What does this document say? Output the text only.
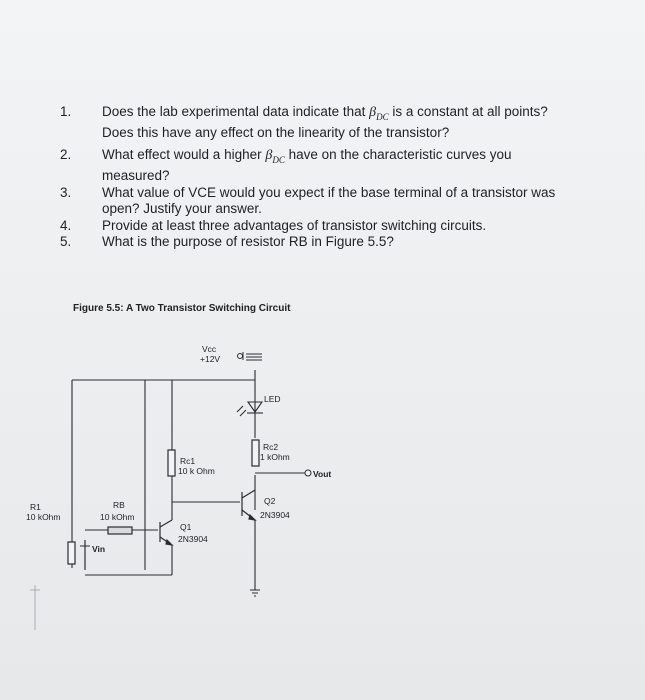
1.	Does the lab experimental data indicate that $\beta_{DC}$ is a constant at all points? Does this have any effect on the linearity of the transistor?
2.	What effect would a higher $\beta_{DC}$ have on the characteristic curves you measured?
3.	What value of VCE would you expect if the base terminal of a transistor was open? Justify your answer.
4.	Provide at least three advantages of transistor switching circuits.
5.	What is the purpose of resistor RB in Figure 5.5?
Figure 5.5: A Two Transistor Switching Circuit
Vcc
+12V
LED
Rc1
10 k Ohm
Rc2
1 kOhm
Vout
Q2
2N3904
Q1
2N3904
R1
10 kOhm
RB
10 kOhm
Vin
